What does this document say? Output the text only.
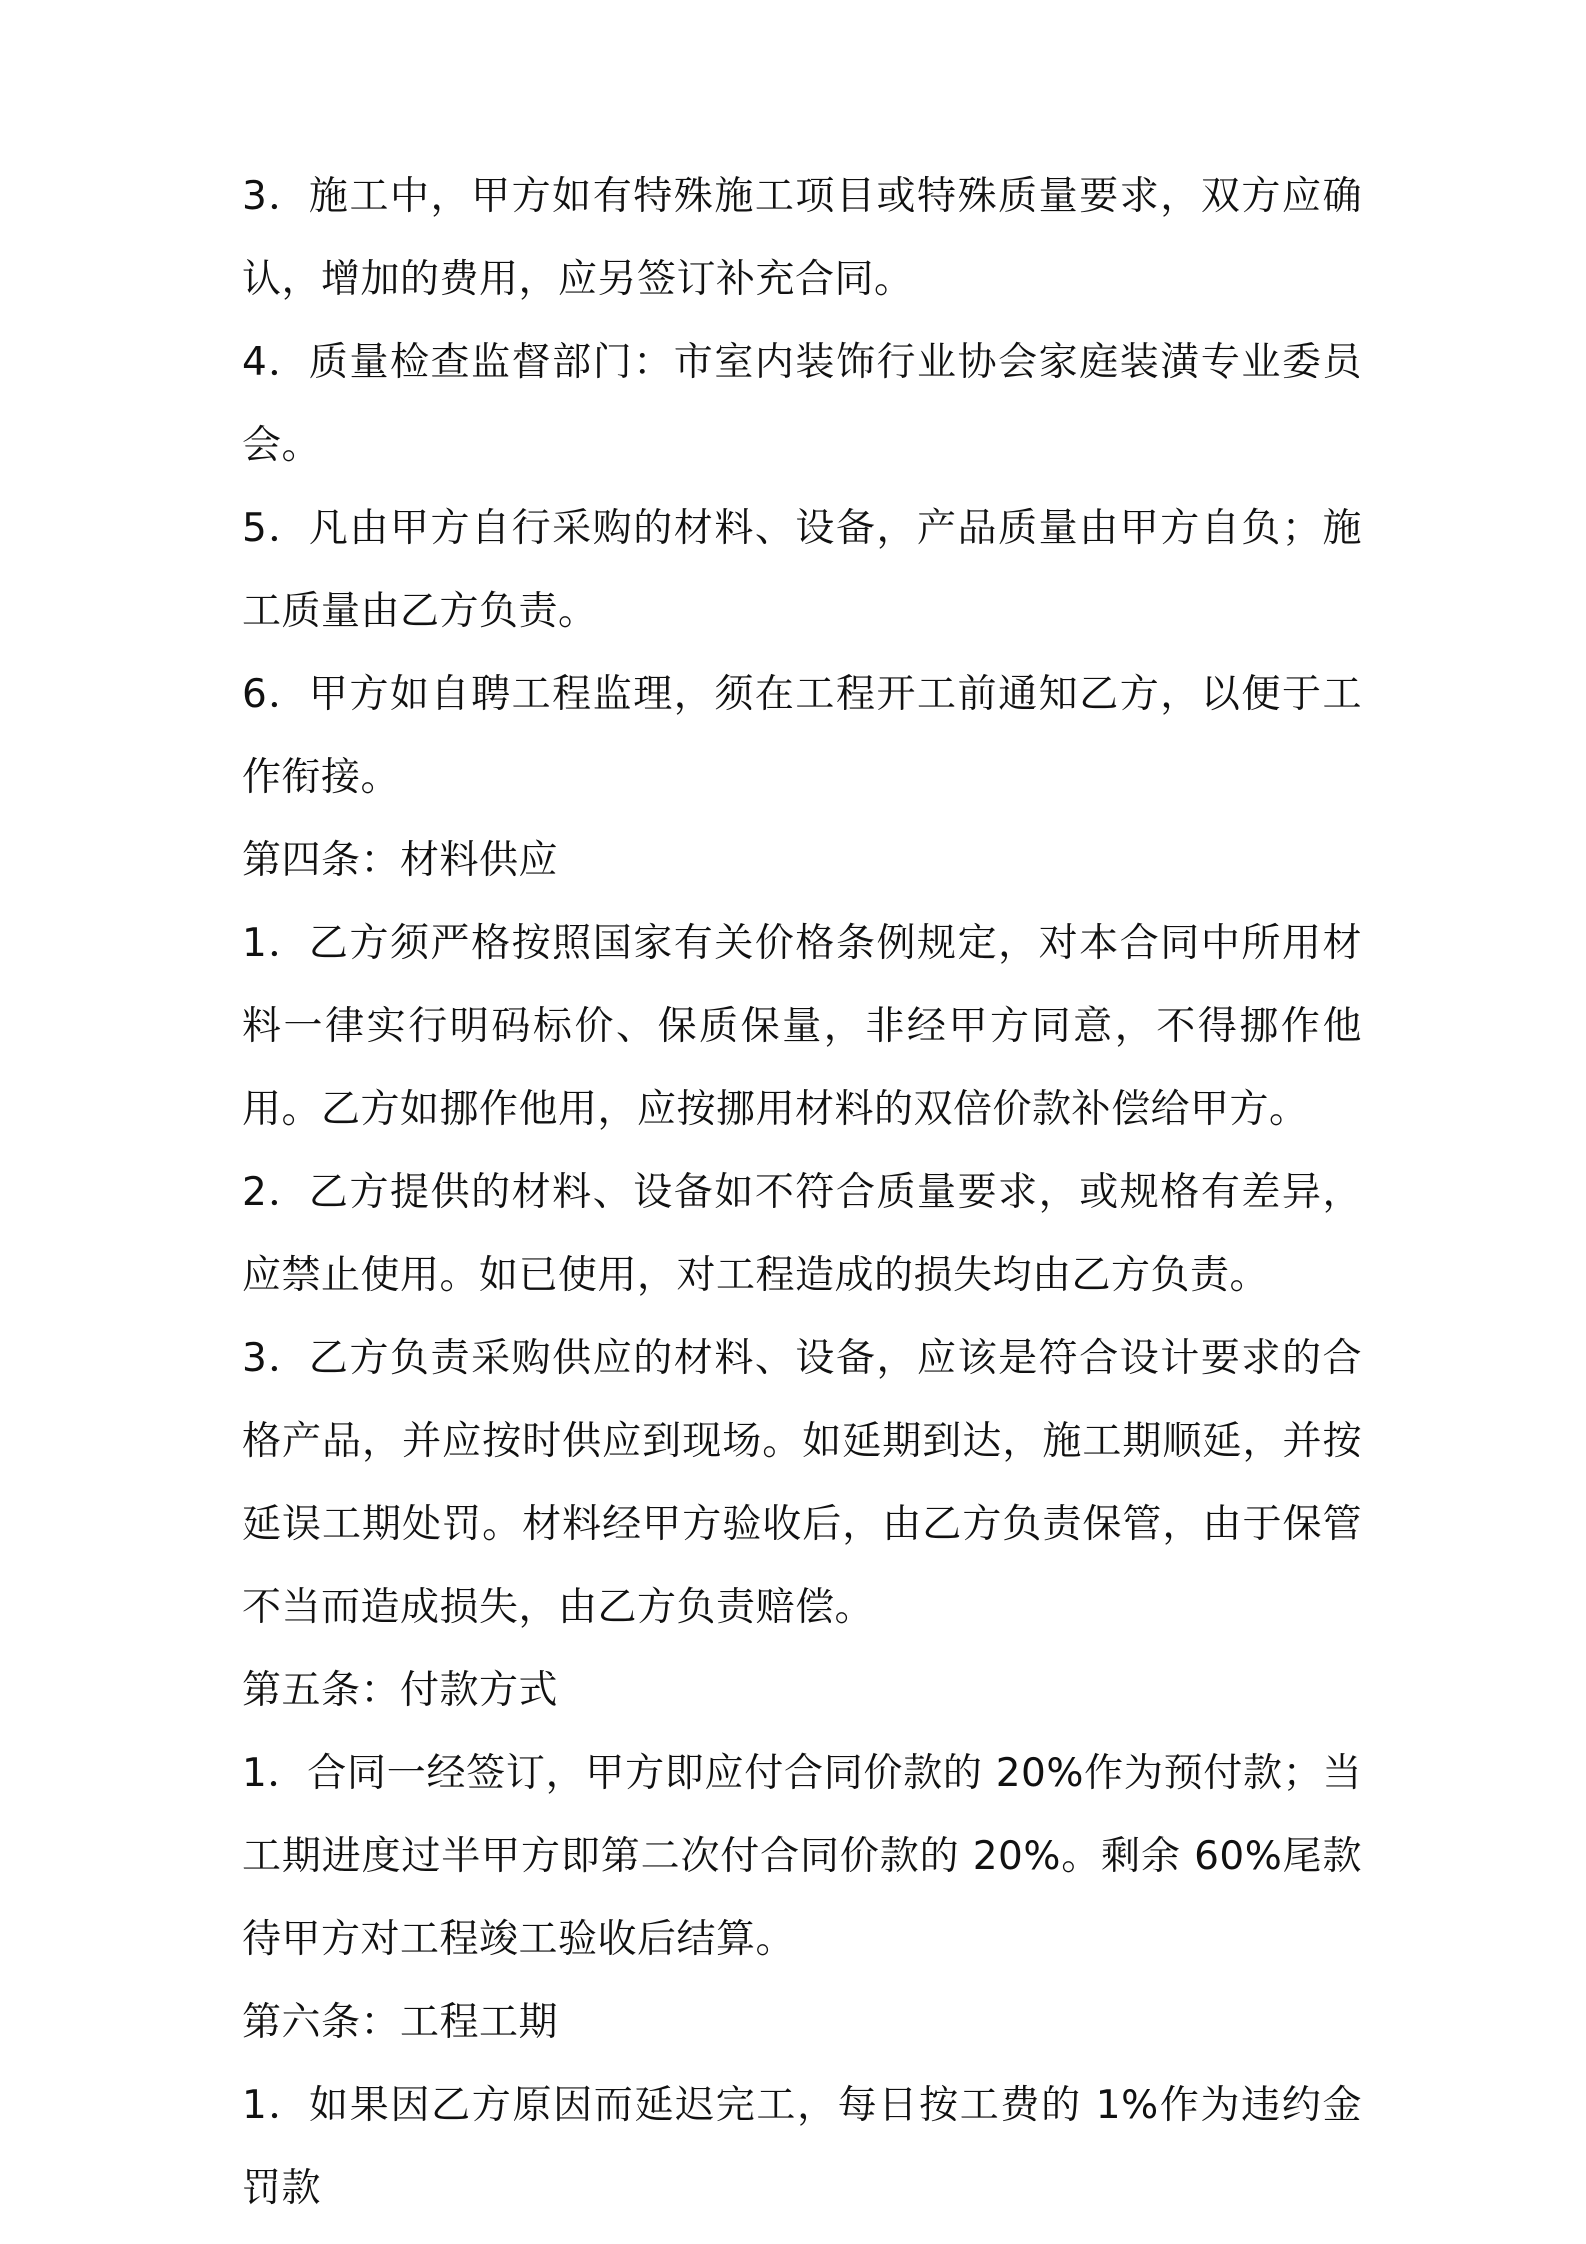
3．施工中，甲方如有特殊施工项目或特殊质量要求，双方应确认，增加的费用，应另签订补充合同。

4．质量检查监督部门：市室内装饰行业协会家庭装潢专业委员会。

5．凡由甲方自行采购的材料、设备，产品质量由甲方自负；施工质量由乙方负责。

6．甲方如自聘工程监理，须在工程开工前通知乙方，以便于工作衔接。

第四条：材料供应

1．乙方须严格按照国家有关价格条例规定，对本合同中所用材料一律实行明码标价、保质保量，非经甲方同意，不得挪作他用。乙方如挪作他用，应按挪用材料的双倍价款补偿给甲方。

2．乙方提供的材料、设备如不符合质量要求，或规格有差异，应禁止使用。如已使用，对工程造成的损失均由乙方负责。

3．乙方负责采购供应的材料、设备，应该是符合设计要求的合格产品，并应按时供应到现场。如延期到达，施工期顺延，并按延误工期处罚。材料经甲方验收后，由乙方负责保管，由于保管不当而造成损失，由乙方负责赔偿。

第五条：付款方式

1．合同一经签订，甲方即应付合同价款的 20%作为预付款；当工期进度过半甲方即第二次付合同价款的 20%。剩余 60%尾款待甲方对工程竣工验收后结算。

第六条：工程工期

1．如果因乙方原因而延迟完工，每日按工费的 1%作为违约金罚款
